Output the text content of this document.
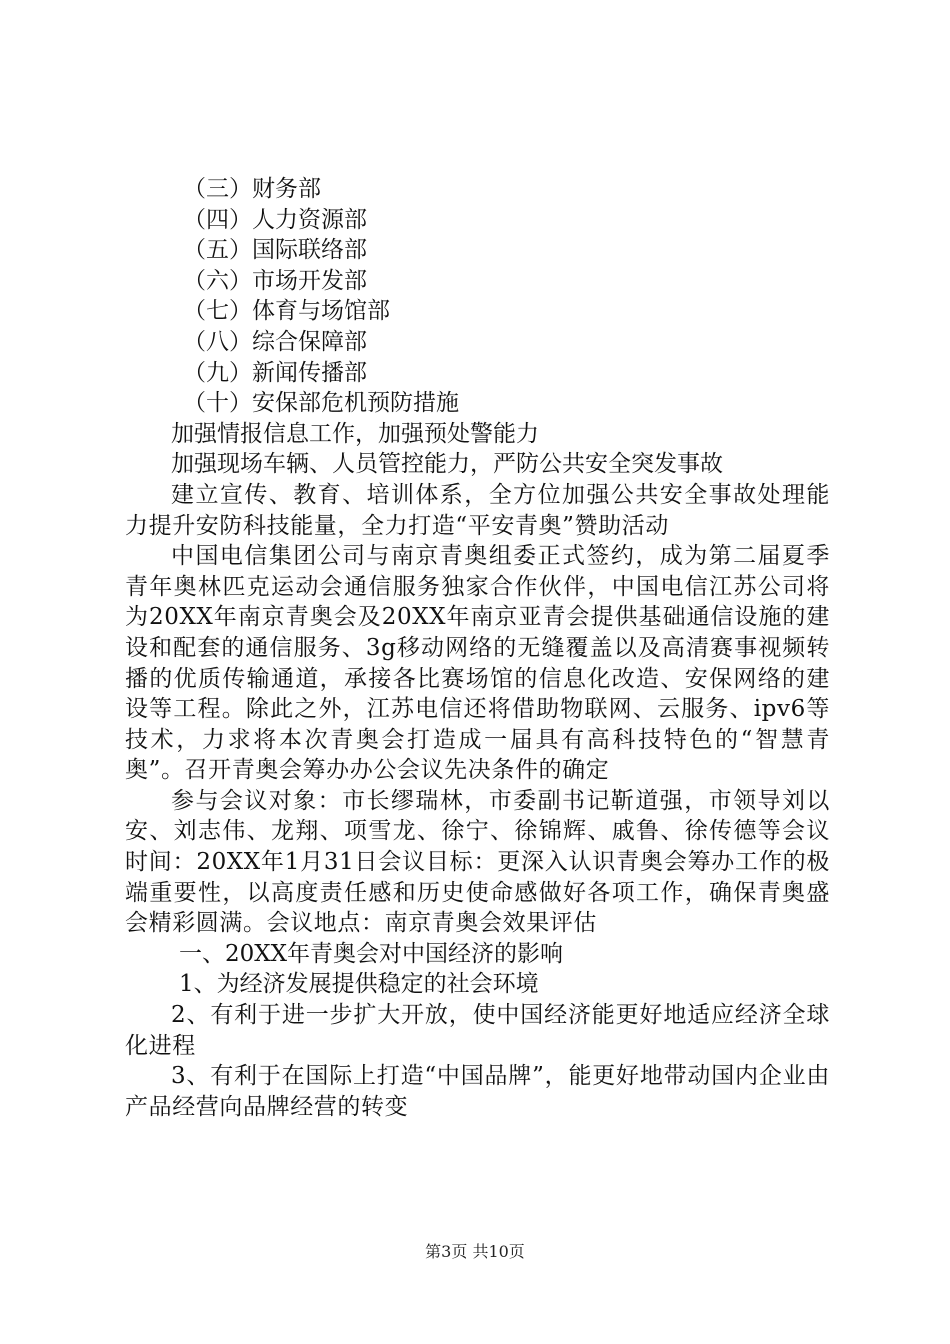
（三）财务部
（四）人力资源部
（五）国际联络部
（六）市场开发部
（七）体育与场馆部
（八）综合保障部
（九）新闻传播部
（十）安保部危机预防措施
加强情报信息工作，加强预处警能力
加强现场车辆、人员管控能力，严防公共安全突发事故
建立宣传、教育、培训体系，全方位加强公共安全事故处理能力提升安防科技能量，全力打造“平安青奥”赞助活动
中国电信集团公司与南京青奥组委正式签约，成为第二届夏季青年奥林匹克运动会通信服务独家合作伙伴，中国电信江苏公司将为20XX年南京青奥会及20XX年南京亚青会提供基础通信设施的建设和配套的通信服务、3g移动网络的无缝覆盖以及高清赛事视频转播的优质传输通道，承接各比赛场馆的信息化改造、安保网络的建设等工程。除此之外，江苏电信还将借助物联网、云服务、ipv6等技术，力求将本次青奥会打造成一届具有高科技特色的“智慧青奥”。召开青奥会筹办办公会议先决条件的确定
参与会议对象：市长缪瑞林，市委副书记靳道强，市领导刘以安、刘志伟、龙翔、项雪龙、徐宁、徐锦辉、戚鲁、徐传德等会议时间：20XX年1月31日会议目标：更深入认识青奥会筹办工作的极端重要性，以高度责任感和历史使命感做好各项工作，确保青奥盛会精彩圆满。会议地点：南京青奥会效果评估
一、20XX年青奥会对中国经济的影响
1、为经济发展提供稳定的社会环境
2、有利于进一步扩大开放，使中国经济能更好地适应经济全球化进程
3、有利于在国际上打造“中国品牌”，能更好地带动国内企业由产品经营向品牌经营的转变
第3页 共10页
